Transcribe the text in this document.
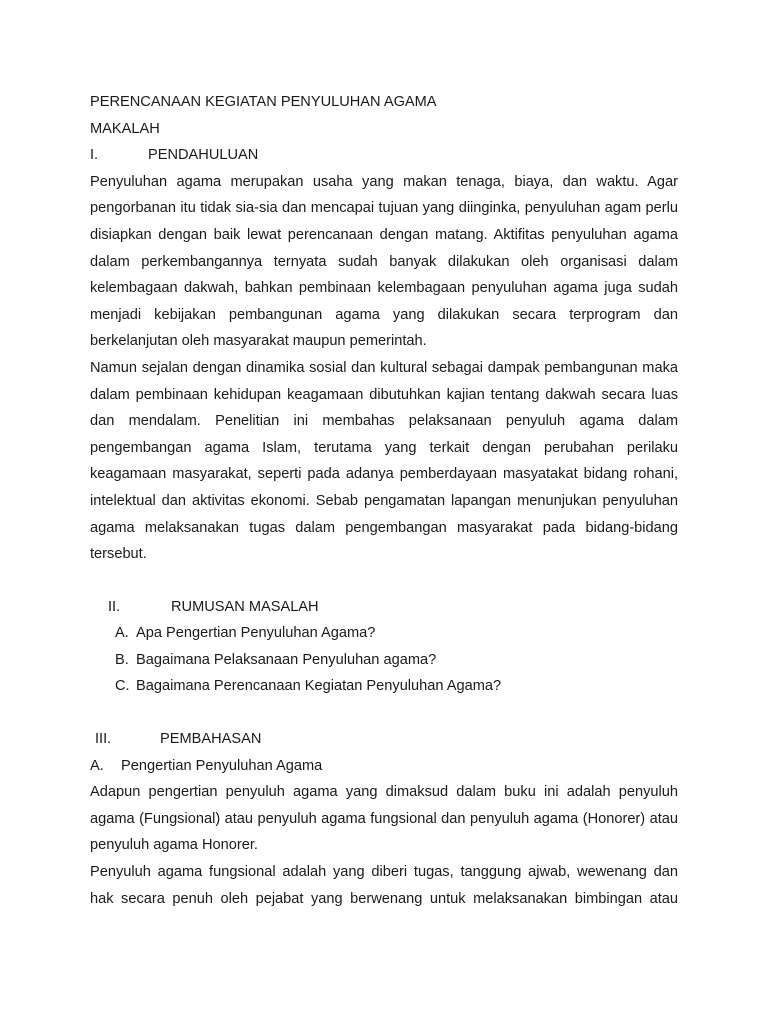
PERENCANAAN KEGIATAN PENYULUHAN AGAMA
MAKALAH
I.	PENDAHULUAN

Penyuluhan agama merupakan usaha yang makan tenaga, biaya, dan waktu. Agar pengorbanan itu tidak sia-sia dan mencapai tujuan yang diinginka, penyuluhan agam perlu disiapkan dengan baik lewat perencanaan dengan matang. Aktifitas penyuluhan agama dalam perkembangannya ternyata sudah banyak dilakukan oleh organisasi dalam kelembagaan dakwah, bahkan pembinaan kelembagaan penyuluhan agama juga sudah menjadi kebijakan pembangunan agama yang dilakukan secara terprogram dan berkelanjutan oleh masyarakat maupun pemerintah.

Namun sejalan dengan dinamika sosial dan kultural sebagai dampak pembangunan maka dalam pembinaan kehidupan keagamaan dibutuhkan kajian tentang dakwah secara luas dan mendalam. Penelitian ini membahas pelaksanaan penyuluh agama dalam pengembangan agama Islam, terutama yang terkait dengan perubahan perilaku keagamaan masyarakat, seperti pada adanya pemberdayaan masyatakat bidang rohani, intelektual dan aktivitas ekonomi. Sebab pengamatan lapangan menunjukan penyuluhan agama melaksanakan tugas dalam pengembangan masyarakat pada bidang-bidang tersebut.

II.	RUMUSAN MASALAH
A. Apa Pengertian Penyuluhan Agama?
B. Bagaimana Pelaksanaan Penyuluhan agama?
C. Bagaimana Perencanaan Kegiatan Penyuluhan Agama?
III.	PEMBAHASAN
A.	Pengertian Penyuluhan Agama

Adapun pengertian penyuluh agama yang dimaksud dalam buku ini adalah penyuluh agama (Fungsional) atau penyuluh agama fungsional dan penyuluh agama (Honorer) atau penyuluh agama Honorer.

Penyuluh agama fungsional adalah yang diberi tugas, tanggung ajwab, wewenang dan hak secara penuh oleh pejabat yang berwenang untuk melaksanakan bimbingan atau
